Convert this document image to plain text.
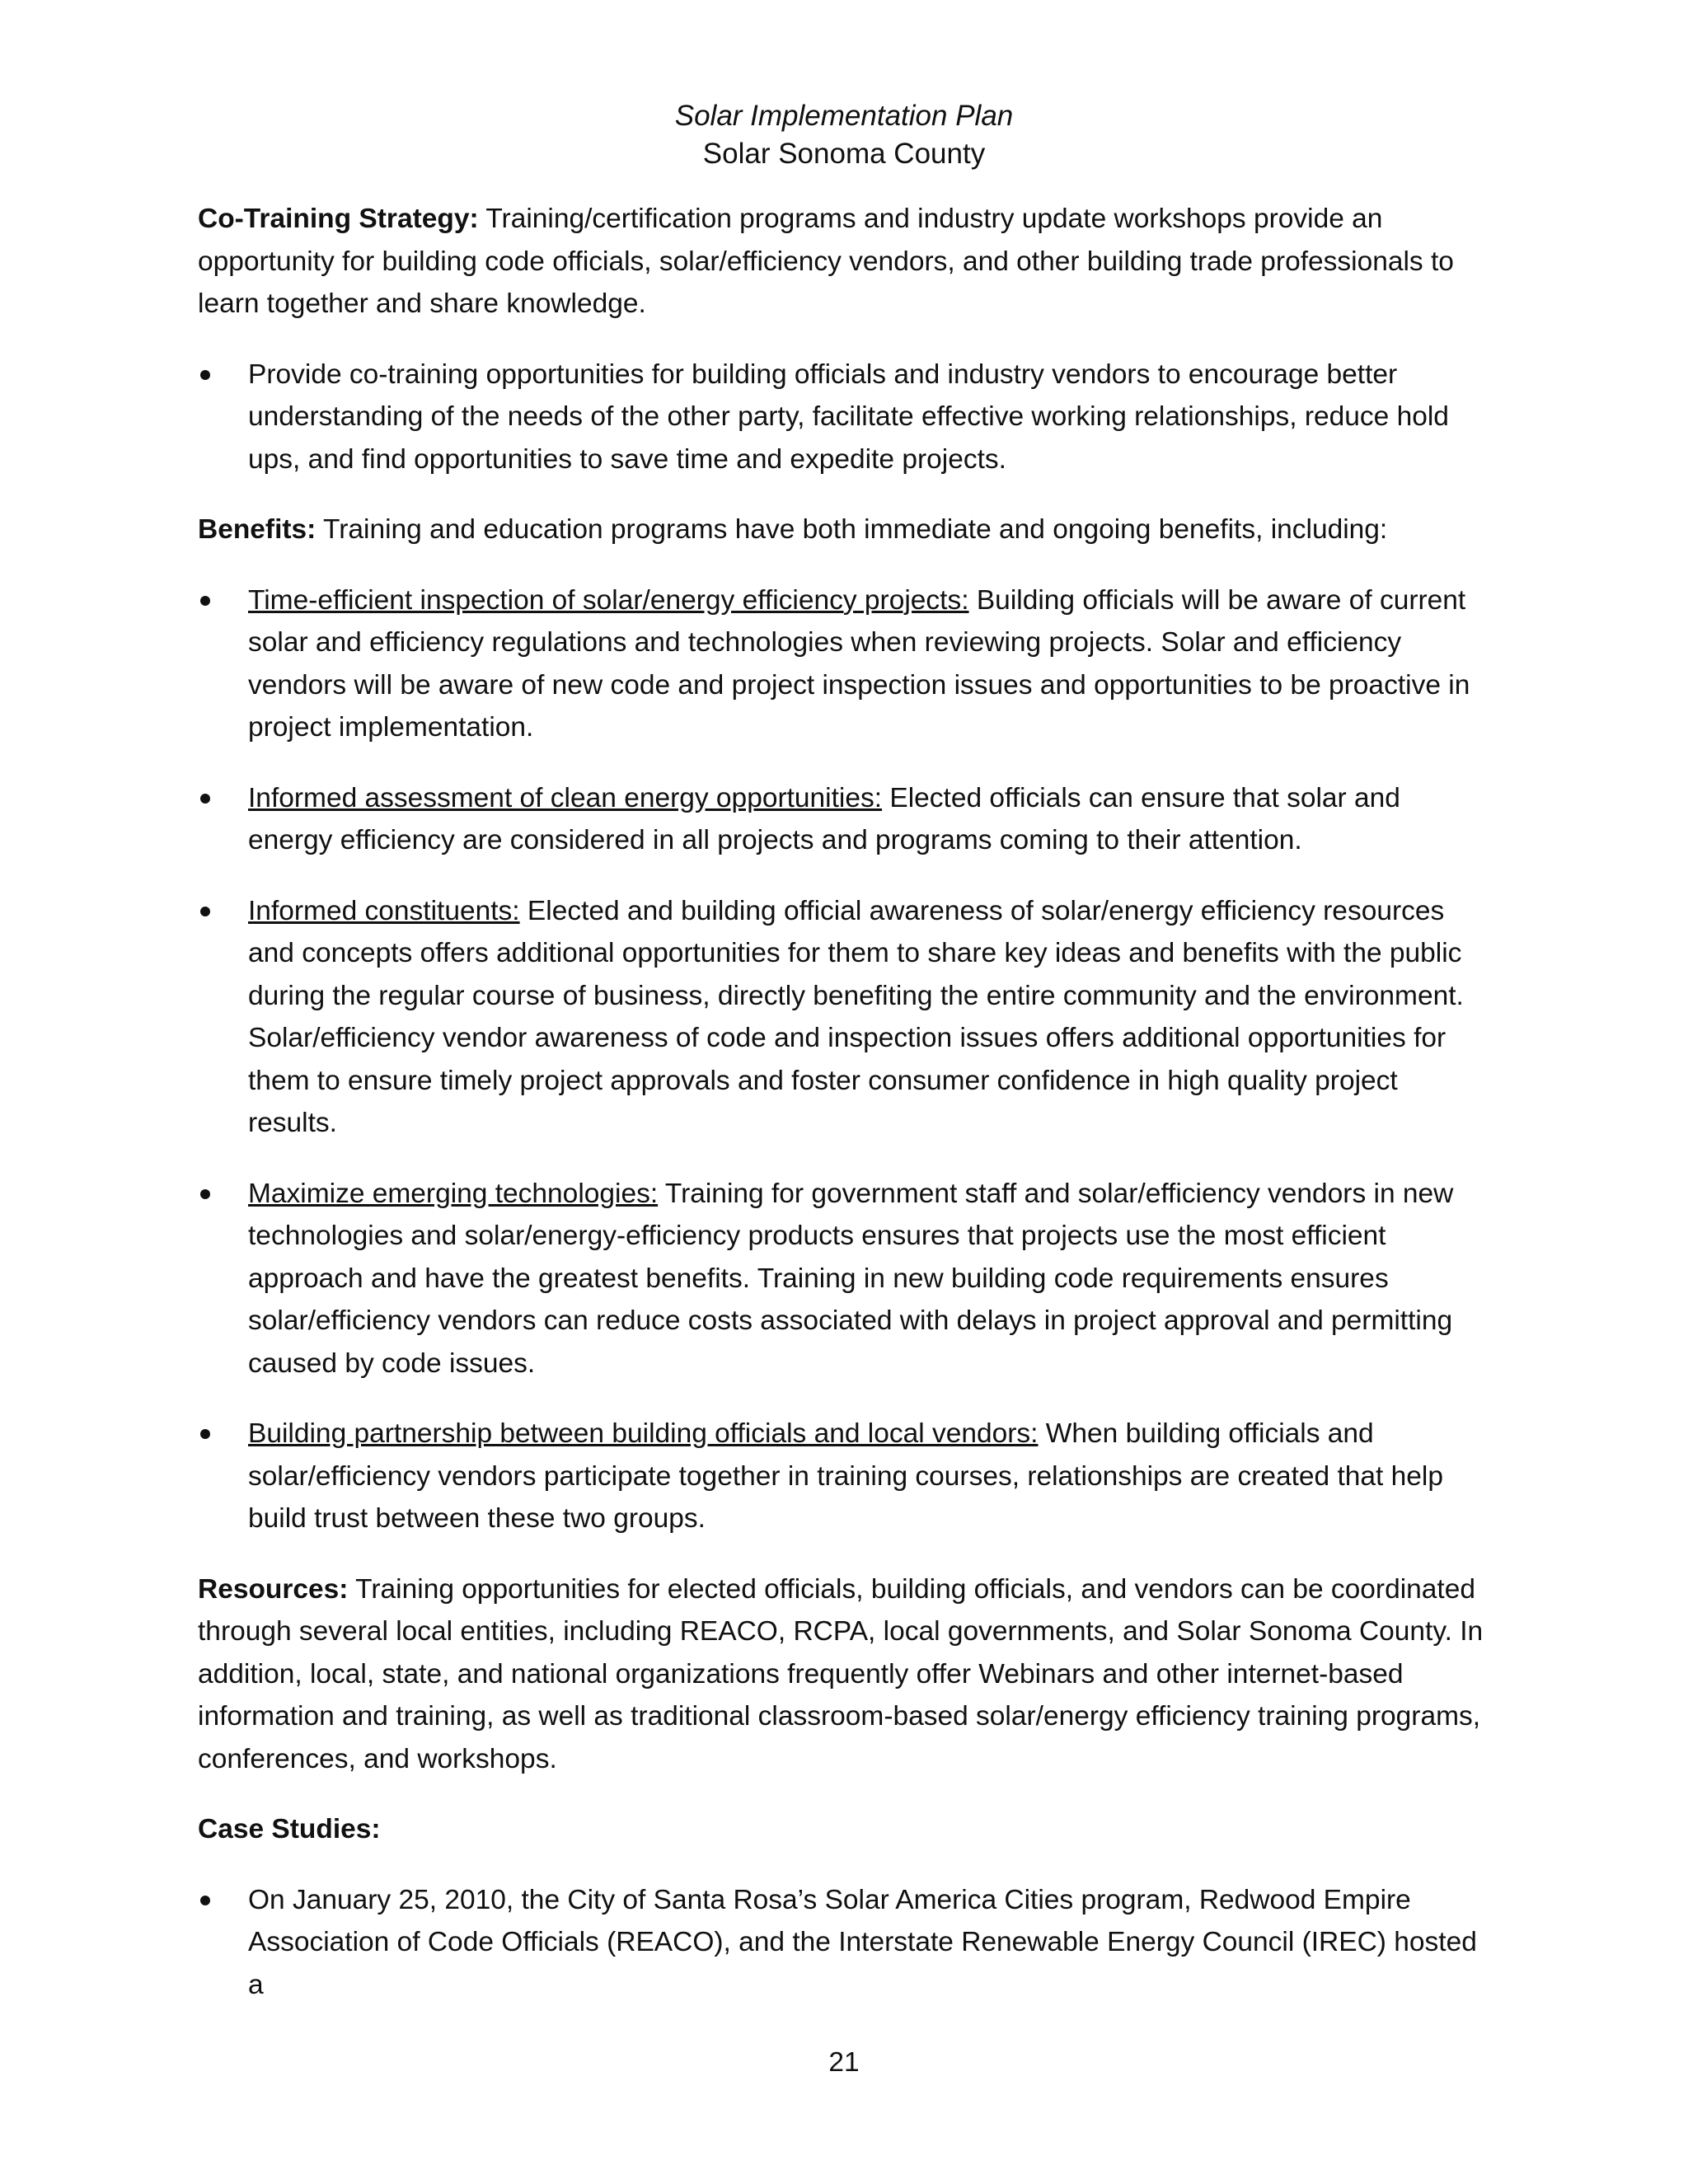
Solar Implementation Plan
Solar Sonoma County

Co-Training Strategy: Training/certification programs and industry update workshops provide an opportunity for building code officials, solar/efficiency vendors, and other building trade professionals to learn together and share knowledge.

Provide co-training opportunities for building officials and industry vendors to encourage better understanding of the needs of the other party, facilitate effective working relationships, reduce hold ups, and find opportunities to save time and expedite projects.

Benefits: Training and education programs have both immediate and ongoing benefits, including:

Time-efficient inspection of solar/energy efficiency projects: Building officials will be aware of current solar and efficiency regulations and technologies when reviewing projects. Solar and efficiency vendors will be aware of new code and project inspection issues and opportunities to be proactive in project implementation.
Informed assessment of clean energy opportunities: Elected officials can ensure that solar and energy efficiency are considered in all projects and programs coming to their attention.
Informed constituents: Elected and building official awareness of solar/energy efficiency resources and concepts offers additional opportunities for them to share key ideas and benefits with the public during the regular course of business, directly benefiting the entire community and the environment. Solar/efficiency vendor awareness of code and inspection issues offers additional opportunities for them to ensure timely project approvals and foster consumer confidence in high quality project results.
Maximize emerging technologies: Training for government staff and solar/efficiency vendors in new technologies and solar/energy-efficiency products ensures that projects use the most efficient approach and have the greatest benefits. Training in new building code requirements ensures solar/efficiency vendors can reduce costs associated with delays in project approval and permitting caused by code issues.
Building partnership between building officials and local vendors: When building officials and solar/efficiency vendors participate together in training courses, relationships are created that help build trust between these two groups.

Resources: Training opportunities for elected officials, building officials, and vendors can be coordinated through several local entities, including REACO, RCPA, local governments, and Solar Sonoma County. In addition, local, state, and national organizations frequently offer Webinars and other internet-based information and training, as well as traditional classroom-based solar/energy efficiency training programs, conferences, and workshops.

Case Studies:

On January 25, 2010, the City of Santa Rosa’s Solar America Cities program, Redwood Empire Association of Code Officials (REACO), and the Interstate Renewable Energy Council (IREC) hosted a
21
